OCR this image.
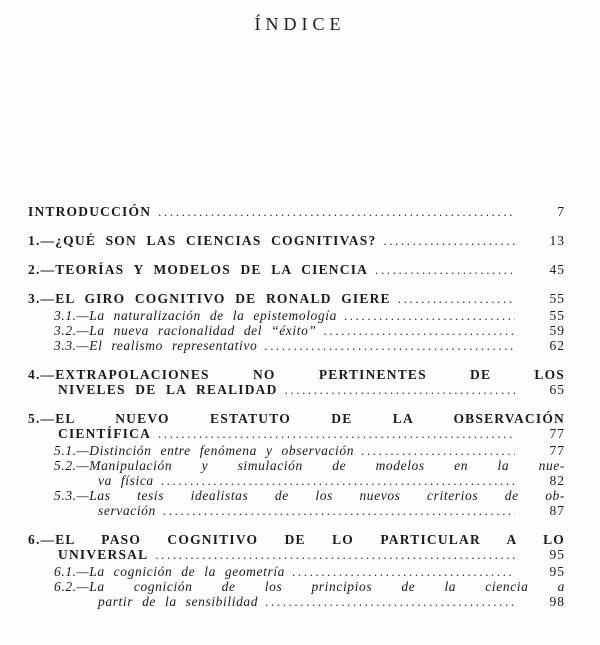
ÍNDICE
INTRODUCCIÓN .....	7
1.—¿QUÉ SON LAS CIENCIAS COGNITIVAS? .....	13
2.—TEORÍAS Y MODELOS DE LA CIENCIA .....	45
3.—EL GIRO COGNITIVO DE RONALD GIERE .....	55
3.1.—La naturalización de la epistemología .....	55
3.2.—La nueva racionalidad del “éxito” .....	59
3.3.—El realismo representativo .....	62
4.—EXTRAPOLACIONES NO PERTINENTES DE LOS
NIVELES DE LA REALIDAD .....	65
5.—EL NUEVO ESTATUTO DE LA OBSERVACIÓN
CIENTÍFICA .....	77
5.1.—Distinción entre fenómena y observación .....	77
5.2.—Manipulación y simulación de modelos en la nue-
va física .....	82
5.3.—Las tesis idealistas de los nuevos criterios de ob-
servación .....	87
6.—EL PASO COGNITIVO DE LO PARTICULAR A LO
UNIVERSAL .....	95
6.1.—La cognición de la geometría .....	95
6.2.—La cognición de los principios de la ciencia a
partir de la sensibilidad .....	98
